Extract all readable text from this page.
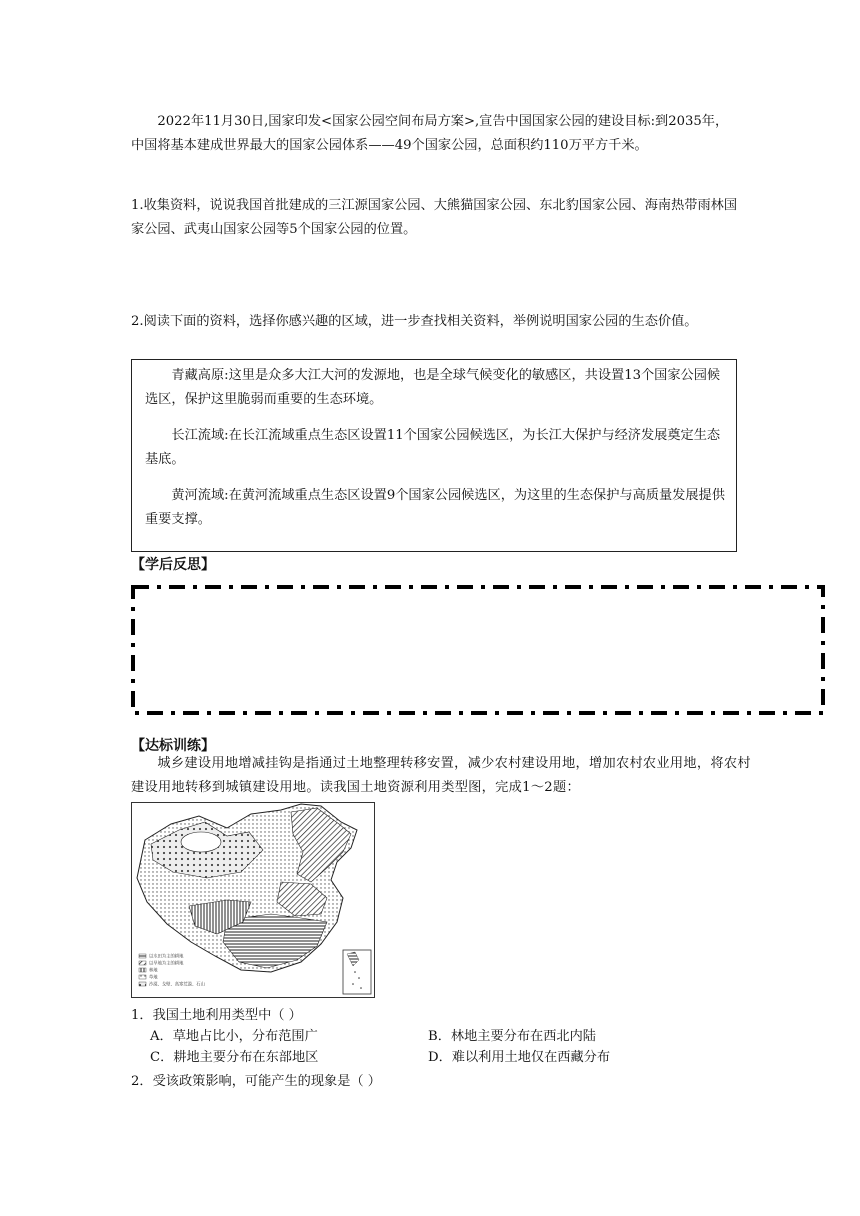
2022年11月30日,国家印发<国家公园空间布局方案>,宣告中国国家公园的建设目标:到2035年，中国将基本建成世界最大的国家公园体系——49个国家公园，总面积约110万平方千米。

1.收集资料，说说我国首批建成的三江源国家公园、大熊猫国家公园、东北豹国家公园、海南热带雨林国家公园、武夷山国家公园等5个国家公园的位置。

2.阅读下面的资料，选择你感兴趣的区域，进一步查找相关资料，举例说明国家公园的生态价值。

青藏高原:这里是众多大江大河的发源地，也是全球气候变化的敏感区，共设置13个国家公园候选区，保护这里脆弱而重要的生态环境。

长江流域:在长江流域重点生态区设置11个国家公园候选区，为长江大保护与经济发展奠定生态基底。

黄河流域:在黄河流域重点生态区设置9个国家公园候选区，为这里的生态保护与高质量发展提供重要支撑。

【学后反思】
【达标训练】

城乡建设用地增减挂钩是指通过土地整理转移安置，减少农村建设用地，增加农村农业用地，将农村建设用地转移到城镇建设用地。读我国土地资源利用类型图，完成1～2题：

以水田为主的耕地
以旱地为主的耕地
林地
草地
沙漠、戈壁、高寒荒漠、石山

1．我国土地利用类型中（ ）

A．草地占比小，分布范围广	B．林地主要分布在西北内陆

C．耕地主要分布在东部地区	D．难以利用土地仅在西藏分布

2．受该政策影响，可能产生的现象是（ ）
